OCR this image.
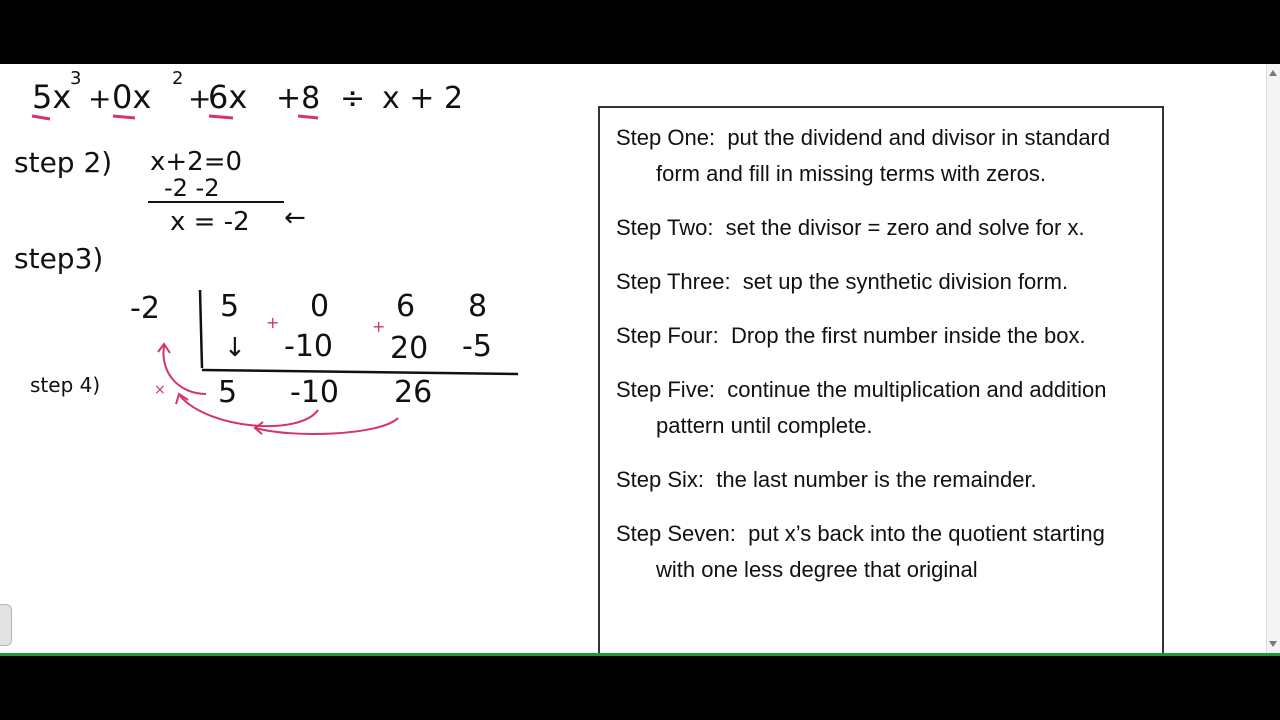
5x
3
+ 0x 2
+
6x +8 ÷ x + 2
step 2) x+2=0
-2 -2
x = -2 ←
step3)
-2 5 0 6 8
↓ -10 20 -5
+	+
5 -10 26
×
step 4)
Step One: put the dividend and divisor in standard form and fill in missing terms with zeros.
Step Two: set the divisor = zero and solve for x.
Step Three: set up the synthetic division form.
Step Four: Drop the first number inside the box.
Step Five: continue the multiplication and addition pattern until complete.
Step Six: the last number is the remainder.
Step Seven: put x’s back into the quotient starting with one less degree that original
